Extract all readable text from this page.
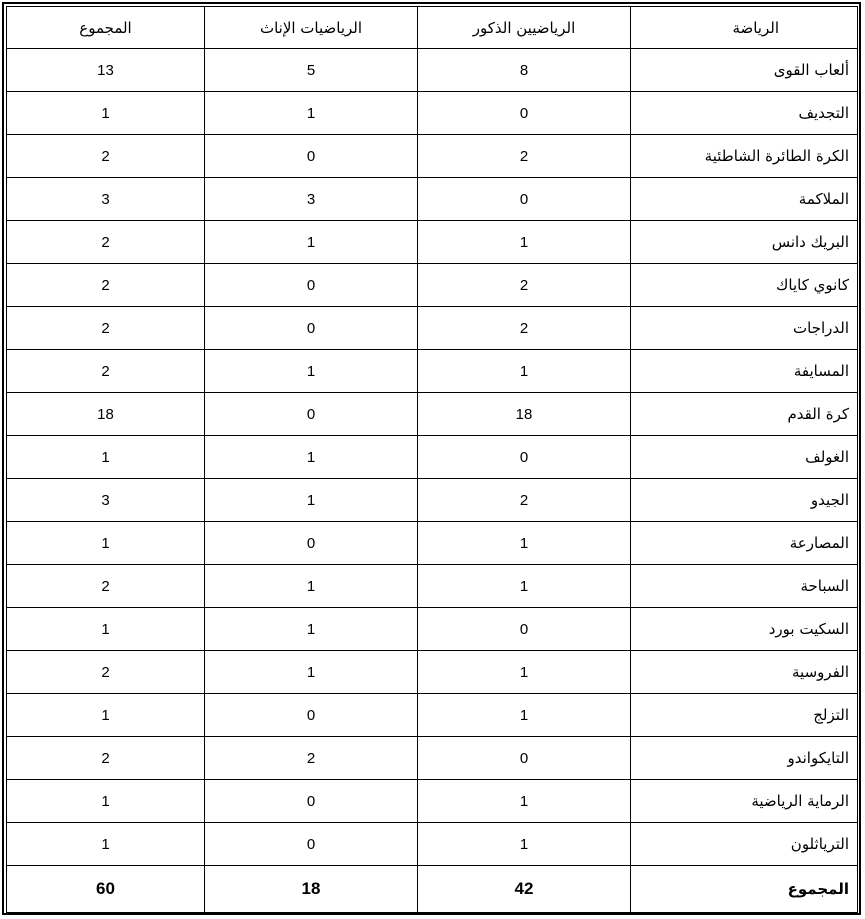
الرياضة	الرياضيين الذكور	الرياضيات الإناث	المجموع
ألعاب القوى	8	5	13
التجديف	0	1	1
الكرة الطائرة الشاطئية	2	0	2
الملاكمة	0	3	3
البريك دانس	1	1	2
كانوي كاياك	2	0	2
الدراجات	2	0	2
المسايفة	1	1	2
كرة القدم	18	0	18
الغولف	0	1	1
الجيدو	2	1	3
المصارعة	1	0	1
السباحة	1	1	2
السكيت بورد	0	1	1
الفروسية	1	1	2
التزلج	1	0	1
التايكواندو	0	2	2
الرماية الرياضية	1	0	1
الترياثلون	1	0	1
المجموع	42	18	60
